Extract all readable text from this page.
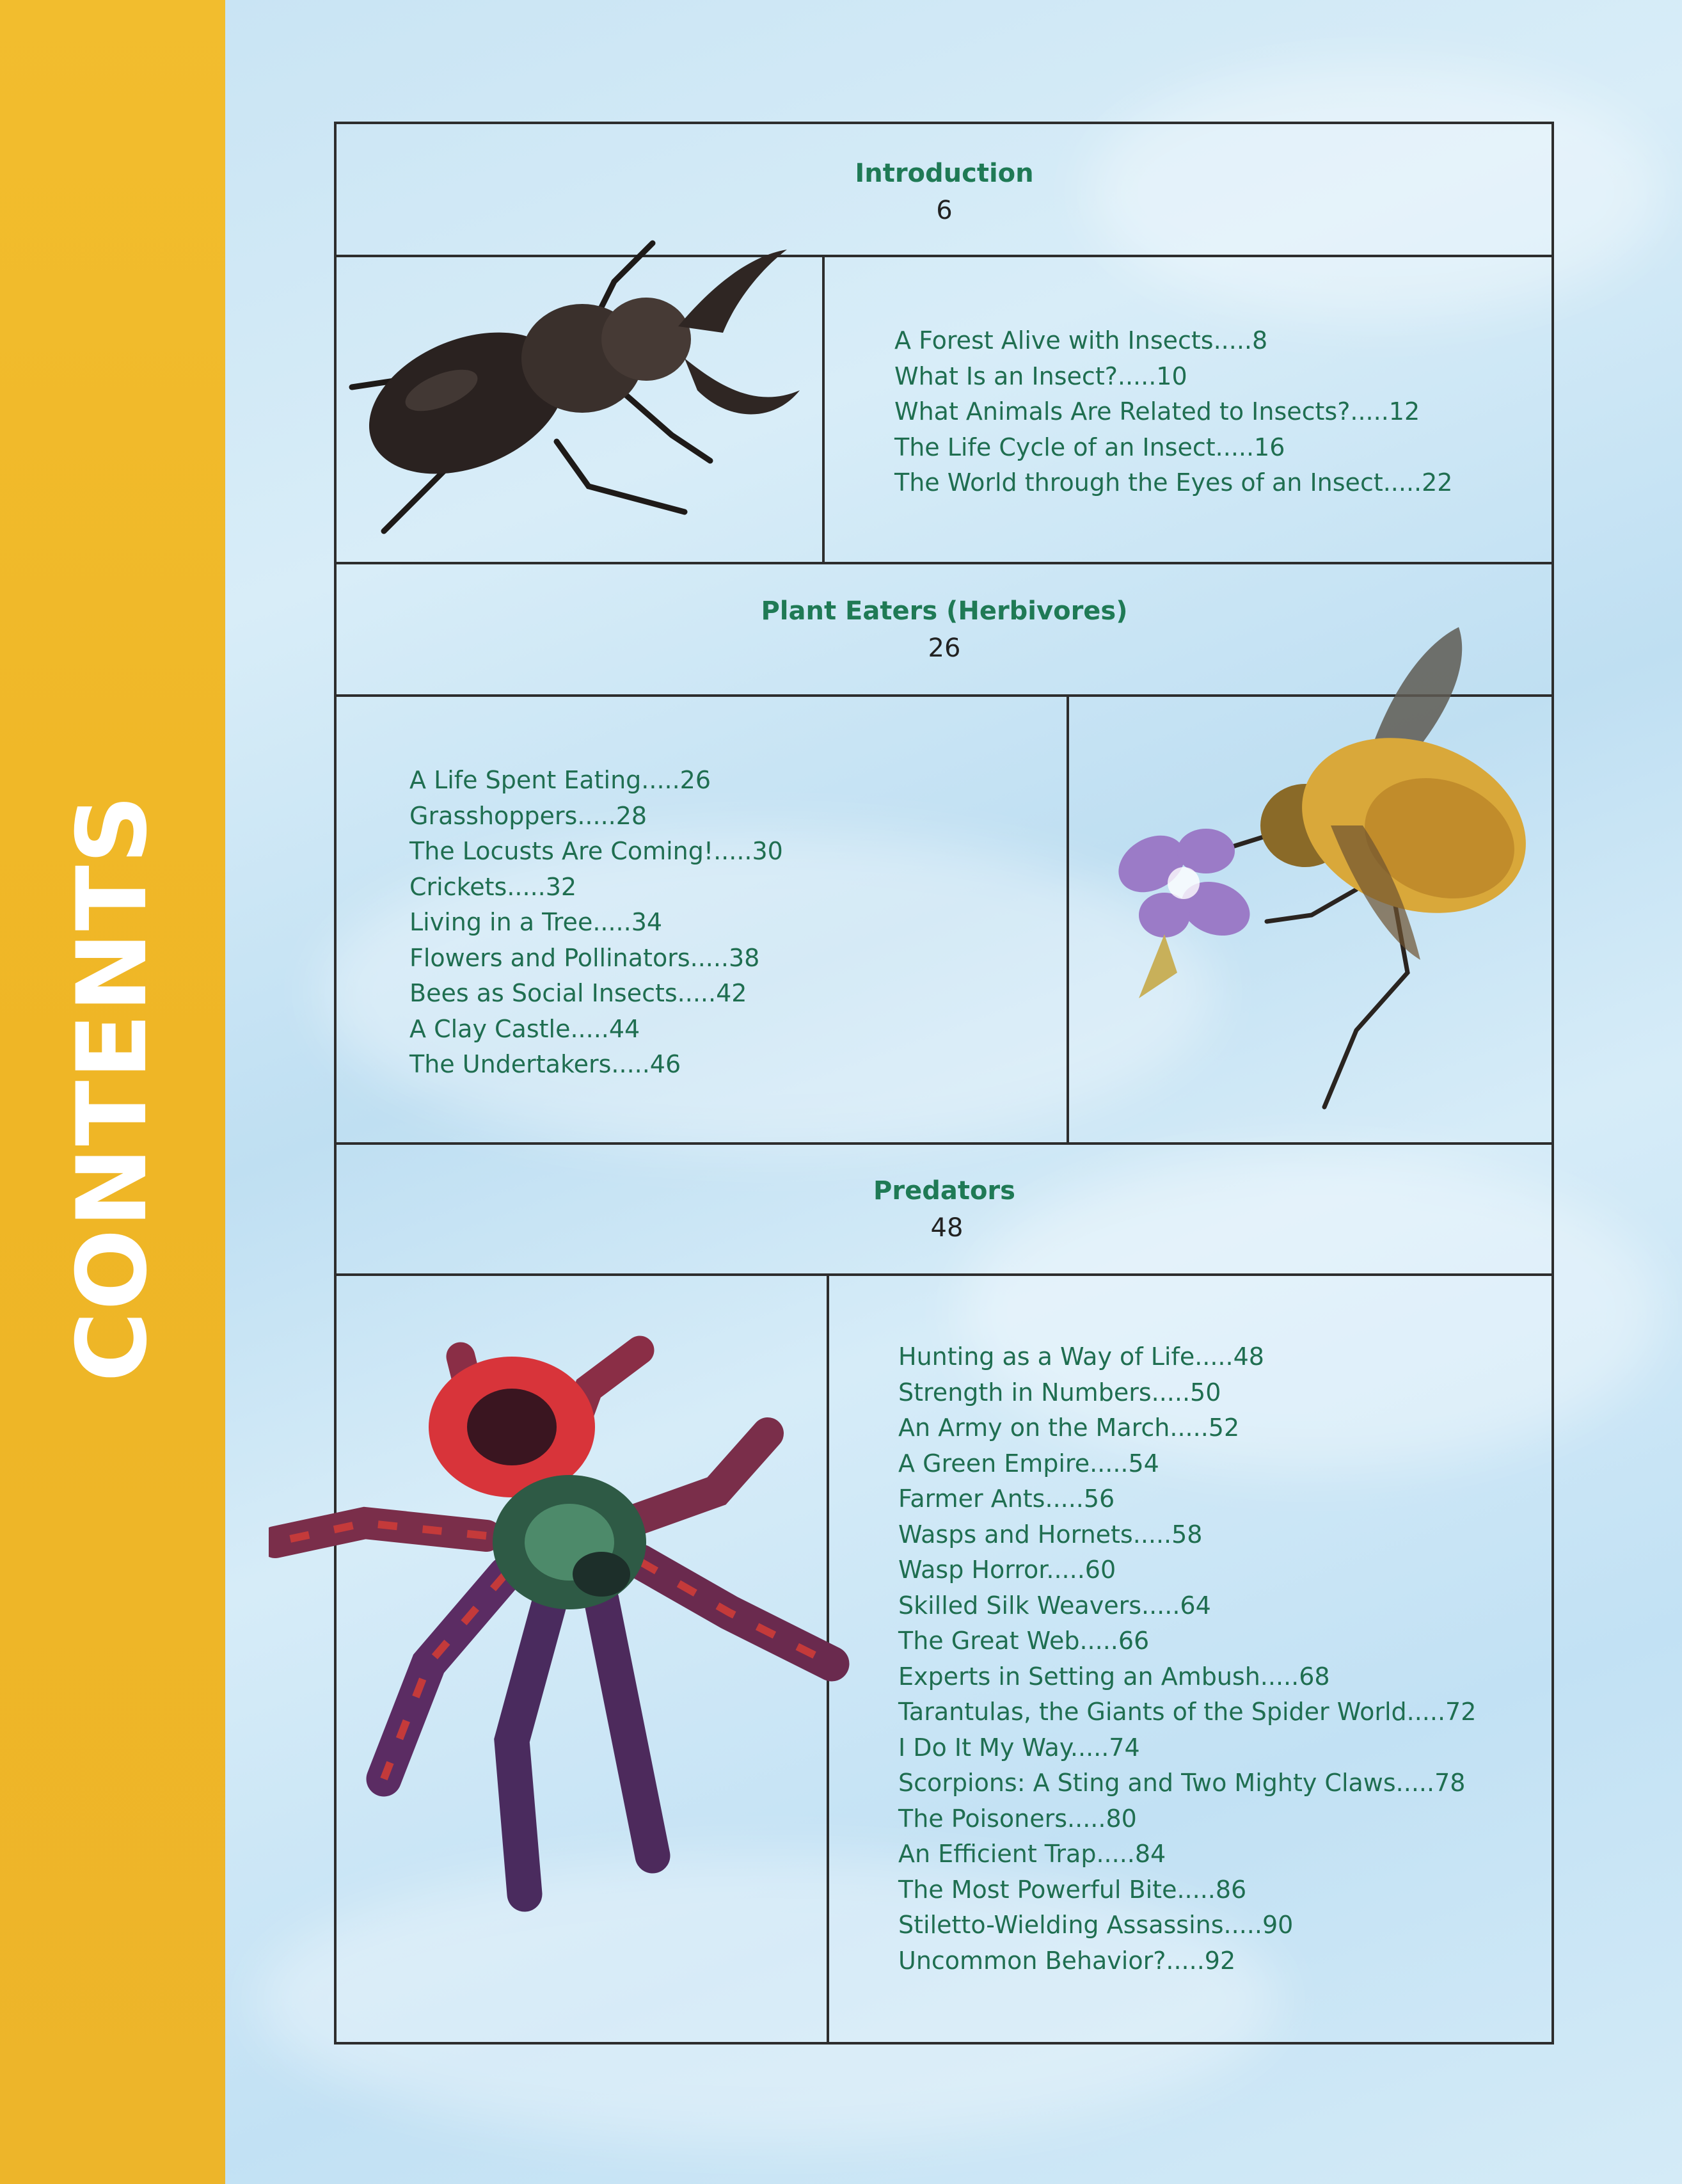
CONTENTS
Introduction
6
A Forest Alive with Insects.....8
What Is an Insect?.....10
What Animals Are Related to Insects?.....12
The Life Cycle of an Insect.....16
The World through the Eyes of an Insect.....22
Plant Eaters (Herbivores)
26
A Life Spent Eating.....26
Grasshoppers.....28
The Locusts Are Coming!.....30
Crickets.....32
Living in a Tree.....34
Flowers and Pollinators.....38
Bees as Social Insects.....42
A Clay Castle.....44
The Undertakers.....46
Predators
48
Hunting as a Way of Life.....48
Strength in Numbers.....50
An Army on the March.....52
A Green Empire.....54
Farmer Ants.....56
Wasps and Hornets.....58
Wasp Horror.....60
Skilled Silk Weavers.....64
The Great Web.....66
Experts in Setting an Ambush.....68
Tarantulas, the Giants of the Spider World.....72
I Do It My Way.....74
Scorpions: A Sting and Two Mighty Claws.....78
The Poisoners.....80
An Efficient Trap.....84
The Most Powerful Bite.....86
Stiletto-Wielding Assassins.....90
Uncommon Behavior?.....92
